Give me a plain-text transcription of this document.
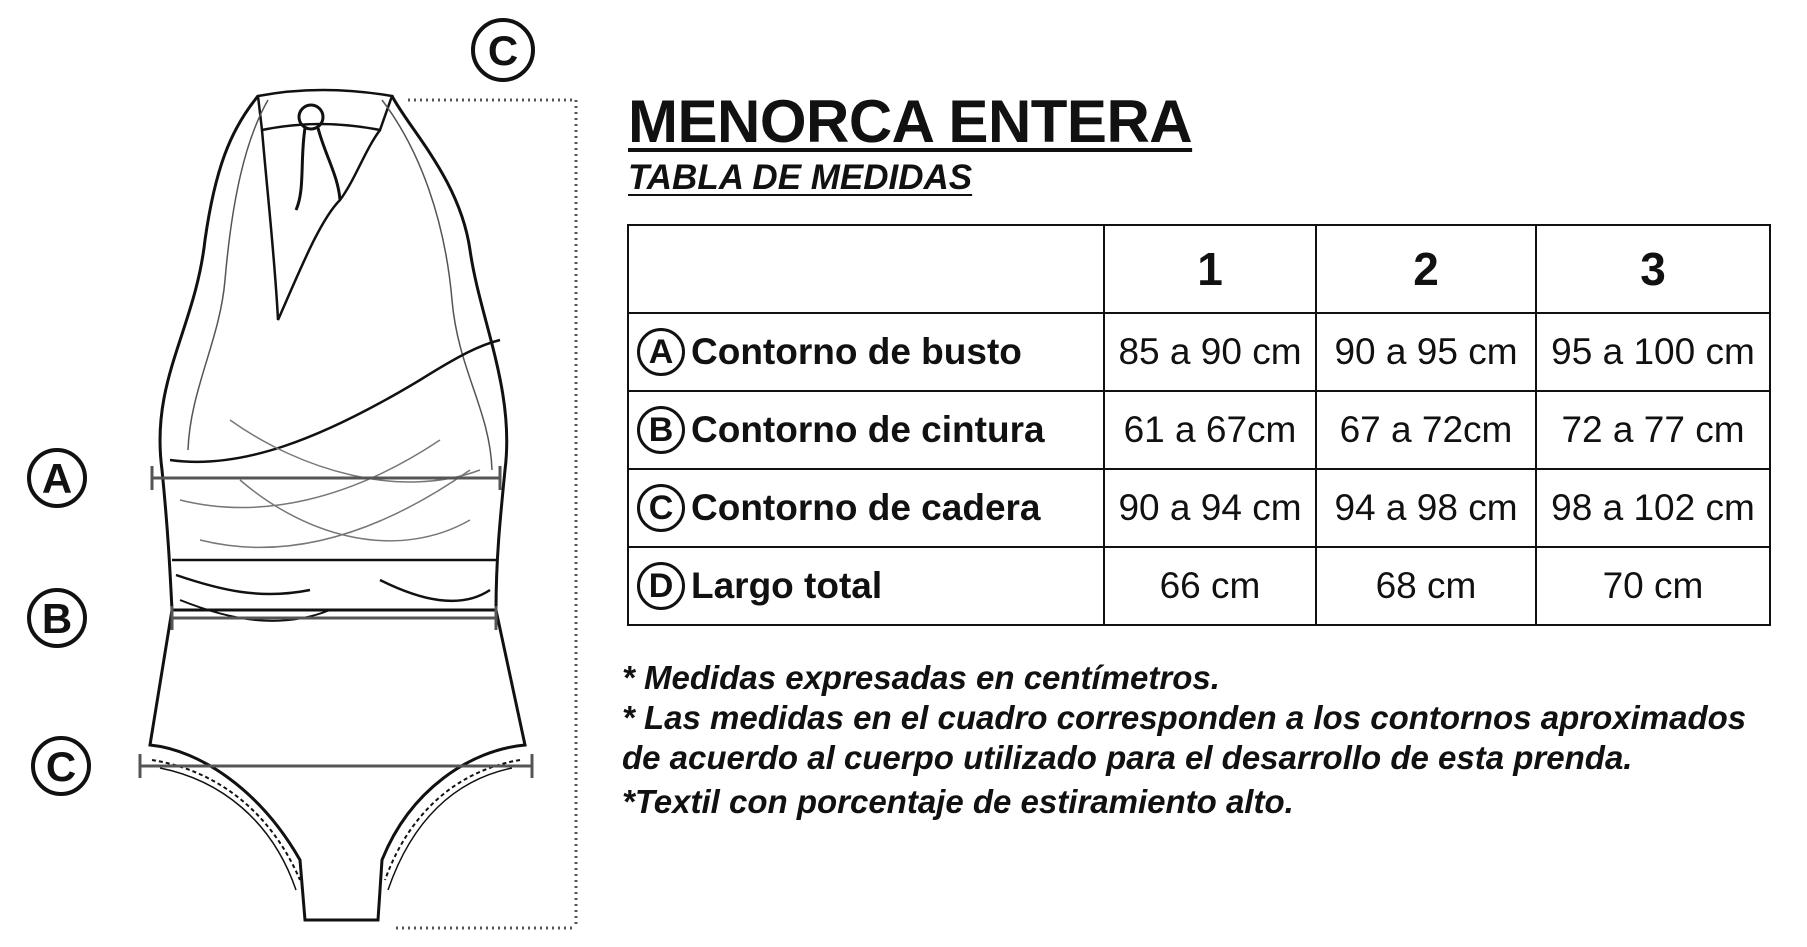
C
A
B
C
MENORCA ENTERA
TABLA DE MEDIDAS
	1	2	3
A Contorno de busto	85 a 90 cm	90 a 95 cm	95 a 100 cm
B Contorno de cintura	61 a 67cm	67 a 72cm	72 a 77 cm
C Contorno de cadera	90 a 94 cm	94 a 98 cm	98 a 102 cm
D Largo total	66 cm	68 cm	70 cm

* Medidas expresadas en centímetros.

* Las medidas en el cuadro corresponden a los contornos aproximados de acuerdo al cuerpo utilizado para el desarrollo de esta prenda.

*Textil con porcentaje de estiramiento alto.
